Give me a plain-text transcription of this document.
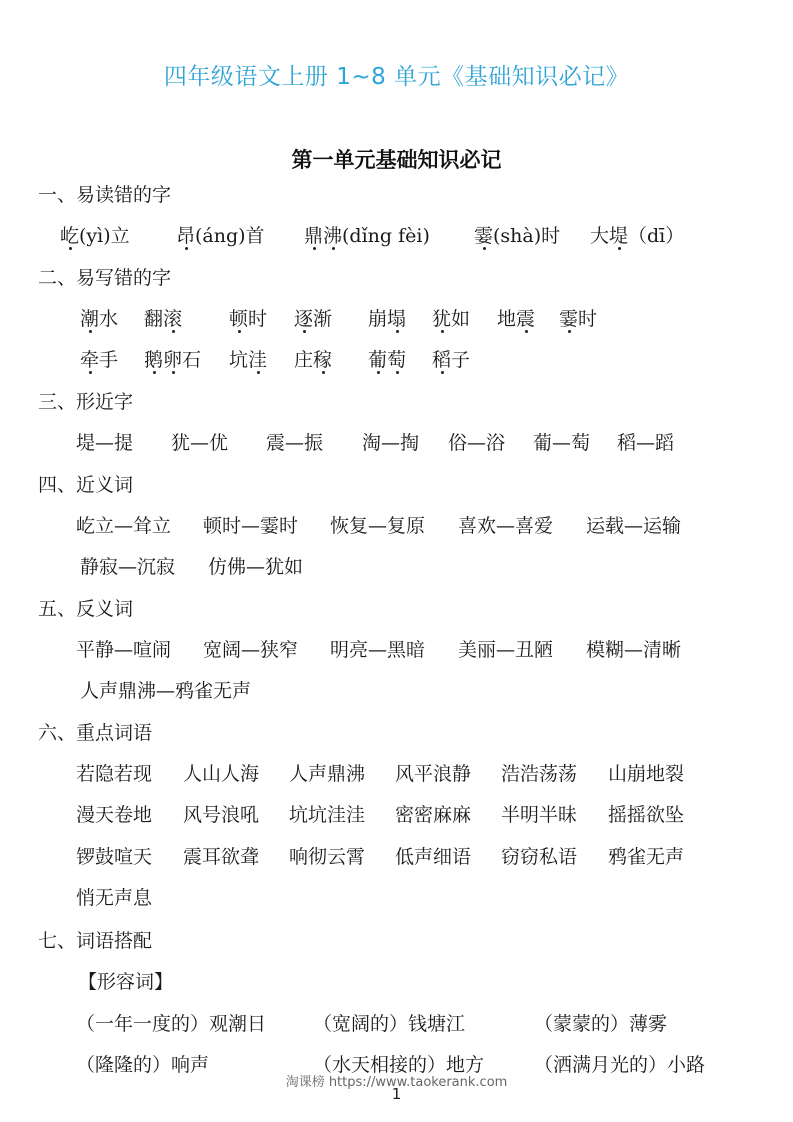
四年级语文上册 1~8 单元《基础知识必记》
第一单元基础知识必记
一、易读错的字
屹(yì)立 昂(áng)首 鼎沸(dǐng fèi) 霎(shà)时 大堤（dī）
二、易写错的字
潮水 翻滚 顿时 逐渐 崩塌 犹如 地震 霎时
牵手 鹅卵石 坑洼 庄稼 葡萄 稻子
三、形近字
堤—提 犹—优 震—振 淘—掏 俗—浴 葡—萄 稻—蹈
四、近义词
屹立—耸立 顿时—霎时 恢复—复原 喜欢—喜爱 运载—运输
静寂—沉寂 仿佛—犹如
五、反义词
平静—喧闹 宽阔—狭窄 明亮—黑暗 美丽—丑陋 模糊—清晰
人声鼎沸—鸦雀无声
六、重点词语
若隐若现 人山人海 人声鼎沸 风平浪静 浩浩荡荡 山崩地裂
漫天卷地 风号浪吼 坑坑洼洼 密密麻麻 半明半昧 摇摇欲坠
锣鼓喧天 震耳欲聋 响彻云霄 低声细语 窃窃私语 鸦雀无声
悄无声息
七、词语搭配
【形容词】
（一年一度的）观潮日 （宽阔的）钱塘江	（蒙蒙的）薄雾
（隆隆的）响声	（水天相接的）地方	（洒满月光的）小路
淘课榜 https://www.taokerank.com
1
